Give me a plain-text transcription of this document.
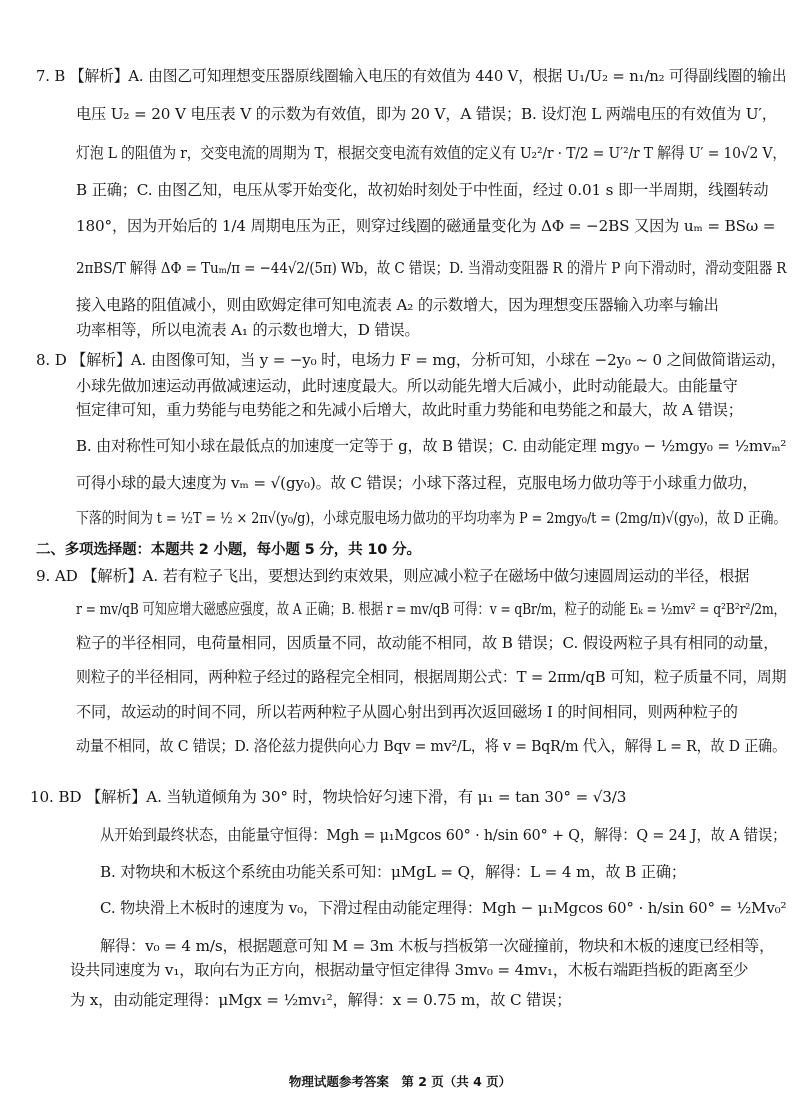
7. B 【解析】A. 由图乙可知理想变压器原线圈输入电压的有效值为 440 V，根据 U₁/U₂ = n₁/n₂ 可得副线圈的输出
电压 U₂ = 20 V 电压表 V 的示数为有效值，即为 20 V，A 错误；B. 设灯泡 L 两端电压的有效值为 U′，
灯泡 L 的阻值为 r，交变电流的周期为 T，根据交变电流有效值的定义有 U₂²/r · T/2 = U′²/r T 解得 U′ = 10√2 V，
B 正确；C. 由图乙知，电压从零开始变化，故初始时刻处于中性面，经过 0.01 s 即一半周期，线圈转动
180°，因为开始后的 1/4 周期电压为正，则穿过线圈的磁通量变化为 ΔΦ = −2BS 又因为 uₘ = BSω =
2πBS/T 解得 ΔΦ = Tuₘ/π = −44√2/(5π) Wb，故 C 错误；D. 当滑动变阻器 R 的滑片 P 向下滑动时，滑动变阻器 R
接入电路的阻值减小，则由欧姆定律可知电流表 A₂ 的示数增大，因为理想变压器输入功率与输出
功率相等，所以电流表 A₁ 的示数也增大，D 错误。
8. D 【解析】A. 由图像可知，当 y = −y₀ 时，电场力 F = mg，分析可知，小球在 −2y₀ ~ 0 之间做简谐运动，
小球先做加速运动再做减速运动，此时速度最大。所以动能先增大后减小，此时动能最大。由能量守
恒定律可知，重力势能与电势能之和先减小后增大，故此时重力势能和电势能之和最大，故 A 错误；
B. 由对称性可知小球在最低点的加速度一定等于 g，故 B 错误；C. 由动能定理 mgy₀ − ½mgy₀ = ½mvₘ²
可得小球的最大速度为 vₘ = √(gy₀)。故 C 错误；小球下落过程，克服电场力做功等于小球重力做功，
下落的时间为 t = ½T = ½ × 2π√(y₀/g)，小球克服电场力做功的平均功率为 P = 2mgy₀/t = (2mg/π)√(gy₀)，故 D 正确。
二、多项选择题：本题共 2 小题，每小题 5 分，共 10 分。
9. AD 【解析】A. 若有粒子飞出，要想达到约束效果，则应减小粒子在磁场中做匀速圆周运动的半径，根据
r = mv/qB 可知应增大磁感应强度，故 A 正确；B. 根据 r = mv/qB 可得：v = qBr/m，粒子的动能 Eₖ = ½mv² = q²B²r²/2m，
粒子的半径相同，电荷量相同，因质量不同，故动能不相同，故 B 错误；C. 假设两粒子具有相同的动量，
则粒子的半径相同，两种粒子经过的路程完全相同，根据周期公式：T = 2πm/qB 可知，粒子质量不同，周期
不同，故运动的时间不同，所以若两种粒子从圆心射出到再次返回磁场 Ⅰ 的时间相同，则两种粒子的
动量不相同，故 C 错误；D. 洛伦兹力提供向心力 Bqv = mv²/L，将 v = BqR/m 代入，解得 L = R，故 D 正确。
10. BD 【解析】A. 当轨道倾角为 30° 时，物块恰好匀速下滑，有 μ₁ = tan 30° = √3/3
从开始到最终状态，由能量守恒得：Mgh = μ₁Mgcos 60° · h/sin 60° + Q，解得：Q = 24 J，故 A 错误；
B. 对物块和木板这个系统由功能关系可知：μMgL = Q，解得：L = 4 m，故 B 正确；
C. 物块滑上木板时的速度为 v₀，下滑过程由动能定理得：Mgh − μ₁Mgcos 60° · h/sin 60° = ½Mv₀²
解得：v₀ = 4 m/s，根据题意可知 M = 3m 木板与挡板第一次碰撞前，物块和木板的速度已经相等，
设共同速度为 v₁，取向右为正方向，根据动量守恒定律得 3mv₀ = 4mv₁，木板右端距挡板的距离至少
为 x，由动能定理得：μMgx = ½mv₁²，解得：x = 0.75 m，故 C 错误；
物理试题参考答案　第 2 页（共 4 页）
